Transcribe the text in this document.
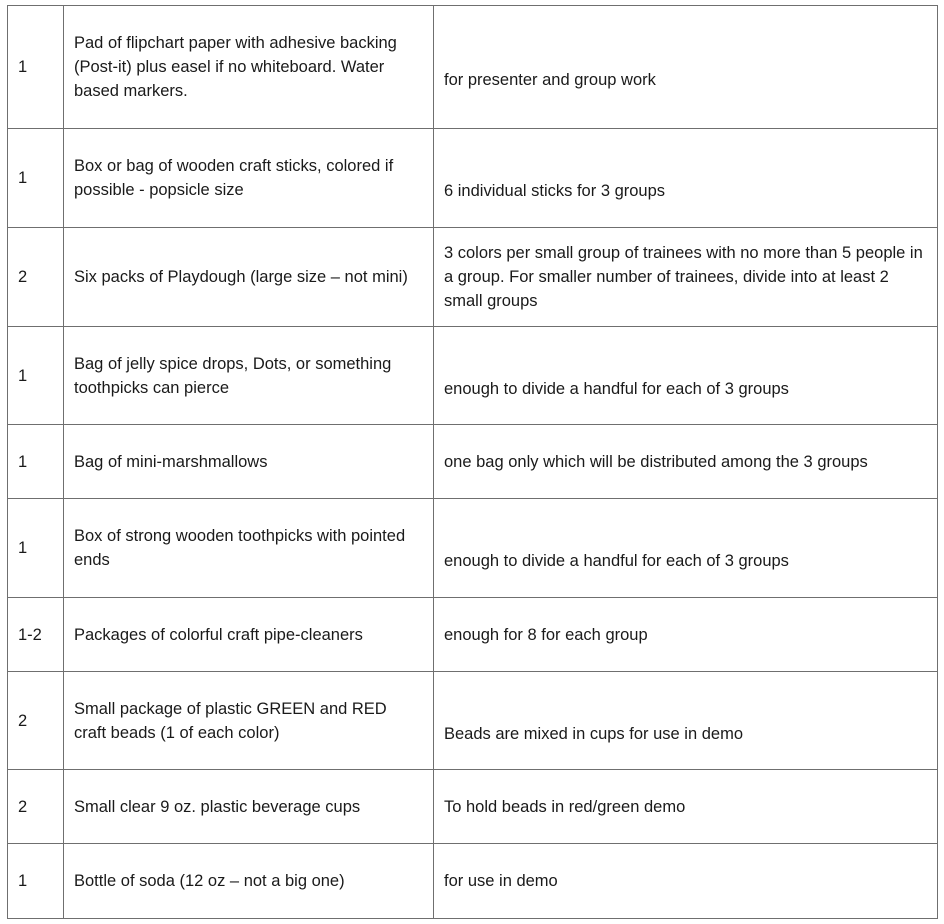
1	Pad of flipchart paper with adhesive backing (Post-it) plus easel if no whiteboard. Water based markers.	for presenter and group work

1	Box or bag of wooden craft sticks, colored if possible - popsicle size	6 individual sticks for 3 groups

2	Six packs of Playdough (large size – not mini)	3 colors per small group of trainees with no more than 5 people in a group. For smaller number of trainees, divide into at least 2 small groups
1	Bag of jelly spice drops, Dots, or something toothpicks can pierce	enough to divide a handful for each of 3 groups

1	Bag of mini-marshmallows	one bag only which will be distributed among the 3 groups
1	Box of strong wooden toothpicks with pointed ends	enough to divide a handful for each of 3 groups

1-2	Packages of colorful craft pipe-cleaners	enough for 8 for each group
2	Small package of plastic GREEN and RED craft beads (1 of each color)	Beads are mixed in cups for use in demo

2	Small clear 9 oz. plastic beverage cups	To hold beads in red/green demo
1	Bottle of soda (12 oz – not a big one)	for use in demo
